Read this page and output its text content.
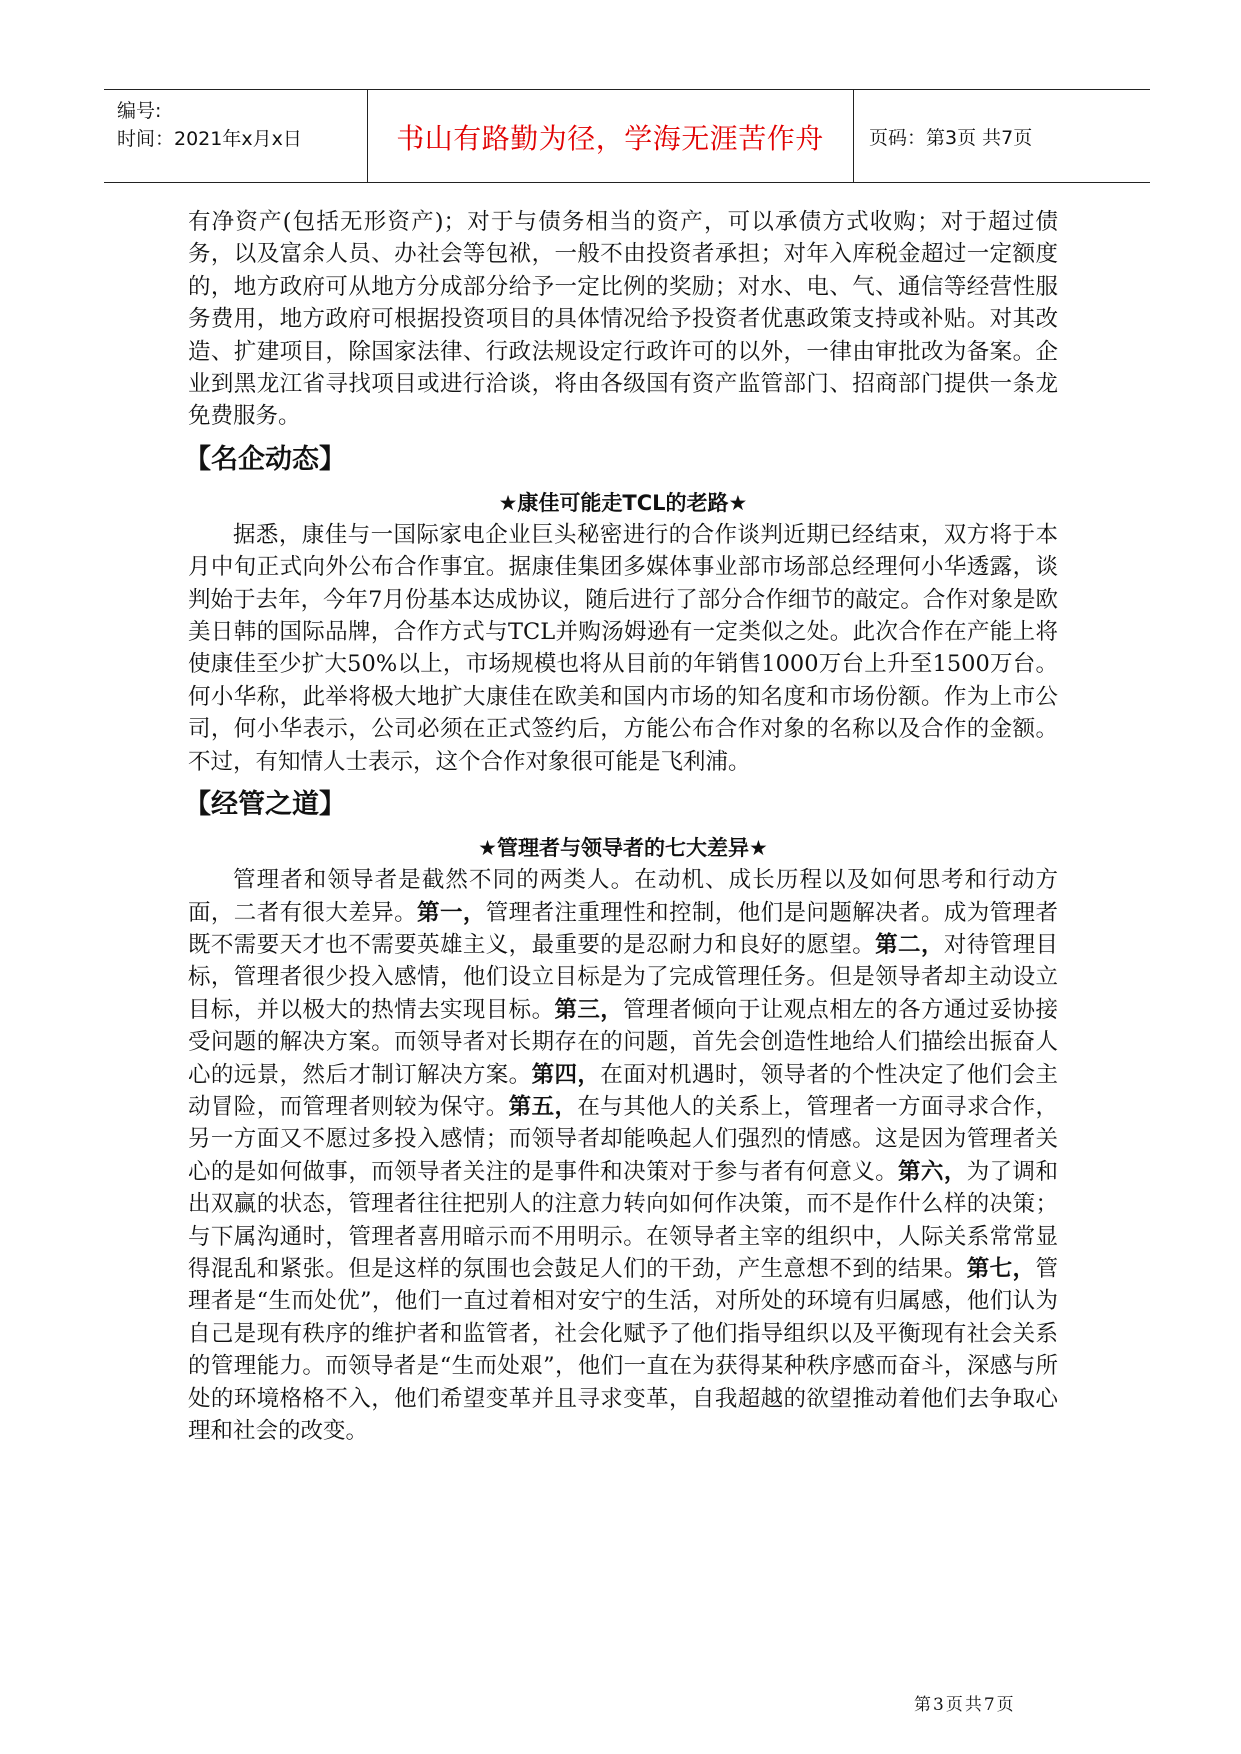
编号:
时间：2021年x月x日	书山有路勤为径，学海无涯苦作舟	页码：第3页 共7页

有净资产(包括无形资产)；对于与债务相当的资产，可以承债方式收购；对于超过债务，以及富余人员、办社会等包袱，一般不由投资者承担；对年入库税金超过一定额度的，地方政府可从地方分成部分给予一定比例的奖励；对水、电、气、通信等经营性服务费用，地方政府可根据投资项目的具体情况给予投资者优惠政策支持或补贴。对其改造、扩建项目，除国家法律、行政法规设定行政许可的以外，一律由审批改为备案。企业到黑龙江省寻找项目或进行洽谈，将由各级国有资产监管部门、招商部门提供一条龙免费服务。

【名企动态】
★康佳可能走TCL的老路★

据悉，康佳与一国际家电企业巨头秘密进行的合作谈判近期已经结束，双方将于本月中旬正式向外公布合作事宜。据康佳集团多媒体事业部市场部总经理何小华透露，谈判始于去年，今年7月份基本达成协议，随后进行了部分合作细节的敲定。合作对象是欧美日韩的国际品牌，合作方式与TCL并购汤姆逊有一定类似之处。此次合作在产能上将使康佳至少扩大50%以上，市场规模也将从目前的年销售1000万台上升至1500万台。何小华称，此举将极大地扩大康佳在欧美和国内市场的知名度和市场份额。作为上市公司，何小华表示，公司必须在正式签约后，方能公布合作对象的名称以及合作的金额。不过，有知情人士表示，这个合作对象很可能是飞利浦。

【经管之道】
★管理者与领导者的七大差异★

管理者和领导者是截然不同的两类人。在动机、成长历程以及如何思考和行动方面，二者有很大差异。第一，管理者注重理性和控制，他们是问题解决者。成为管理者既不需要天才也不需要英雄主义，最重要的是忍耐力和良好的愿望。第二，对待管理目标，管理者很少投入感情，他们设立目标是为了完成管理任务。但是领导者却主动设立目标，并以极大的热情去实现目标。第三，管理者倾向于让观点相左的各方通过妥协接受问题的解决方案。而领导者对长期存在的问题，首先会创造性地给人们描绘出振奋人心的远景，然后才制订解决方案。第四，在面对机遇时，领导者的个性决定了他们会主动冒险，而管理者则较为保守。第五，在与其他人的关系上，管理者一方面寻求合作，另一方面又不愿过多投入感情；而领导者却能唤起人们强烈的情感。这是因为管理者关心的是如何做事，而领导者关注的是事件和决策对于参与者有何意义。第六，为了调和出双赢的状态，管理者往往把别人的注意力转向如何作决策，而不是作什么样的决策；与下属沟通时，管理者喜用暗示而不用明示。在领导者主宰的组织中，人际关系常常显得混乱和紧张。但是这样的氛围也会鼓足人们的干劲，产生意想不到的结果。第七，管理者是“生而处优”，他们一直过着相对安宁的生活，对所处的环境有归属感，他们认为自己是现有秩序的维护者和监管者，社会化赋予了他们指导组织以及平衡现有社会关系的管理能力。而领导者是“生而处艰”，他们一直在为获得某种秩序感而奋斗，深感与所处的环境格格不入，他们希望变革并且寻求变革，自我超越的欲望推动着他们去争取心理和社会的改变。

第3页共7页
